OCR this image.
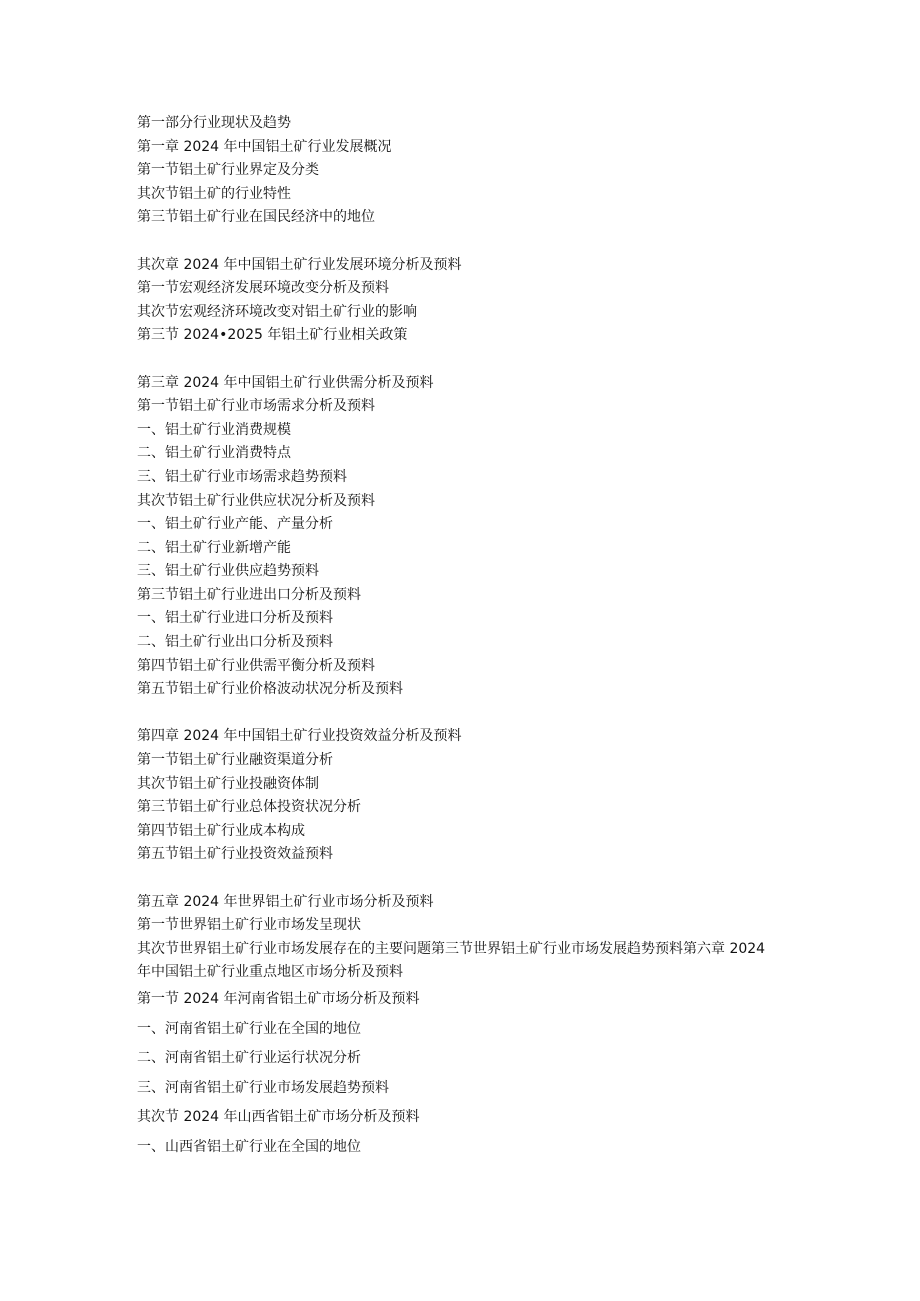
第一部分行业现状及趋势
第一章 2024 年中国铝土矿行业发展概况
第一节铝土矿行业界定及分类
其次节铝土矿的行业特性
第三节铝土矿行业在国民经济中的地位
其次章 2024 年中国铝土矿行业发展环境分析及预料
第一节宏观经济发展环境改变分析及预料
其次节宏观经济环境改变对铝土矿行业的影响
第三节 2024•2025 年铝土矿行业相关政策
第三章 2024 年中国铝土矿行业供需分析及预料
第一节铝土矿行业市场需求分析及预料
一、铝土矿行业消费规模
二、铝土矿行业消费特点
三、铝土矿行业市场需求趋势预料
其次节铝土矿行业供应状况分析及预料
一、铝土矿行业产能、产量分析
二、铝土矿行业新增产能
三、铝土矿行业供应趋势预料
第三节铝土矿行业进出口分析及预料
一、铝土矿行业进口分析及预料
二、铝土矿行业出口分析及预料
第四节铝土矿行业供需平衡分析及预料
第五节铝土矿行业价格波动状况分析及预料
第四章 2024 年中国铝土矿行业投资效益分析及预料
第一节铝土矿行业融资渠道分析
其次节铝土矿行业投融资体制
第三节铝土矿行业总体投资状况分析
第四节铝土矿行业成本构成
第五节铝土矿行业投资效益预料
第五章 2024 年世界铝土矿行业市场分析及预料
第一节世界铝土矿行业市场发呈现状
其次节世界铝土矿行业市场发展存在的主要问题第三节世界铝土矿行业市场发展趋势预料第六章 2024 年中国铝土矿行业重点地区市场分析及预料
第一节 2024 年河南省铝土矿市场分析及预料
一、河南省铝土矿行业在全国的地位
二、河南省铝土矿行业运行状况分析
三、河南省铝土矿行业市场发展趋势预料
其次节 2024 年山西省铝土矿市场分析及预料
一、山西省铝土矿行业在全国的地位
